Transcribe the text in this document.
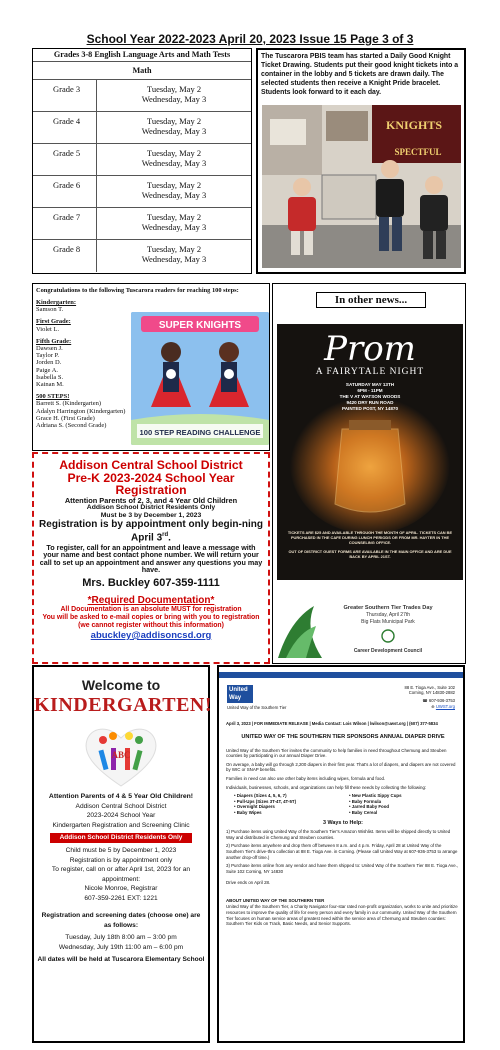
School Year 2022-2023 April 20, 2023 Issue 15 Page 3 of 3
Grades 3-8 English Language Arts and Math Tests
Math
Grade 3	Tuesday, May 2
Wednesday, May 3
Grade 4	Tuesday, May 2
Wednesday, May 3
Grade 5	Tuesday, May 2
Wednesday, May 3
Grade 6	Tuesday, May 2
Wednesday, May 3
Grade 7	Tuesday, May 2
Wednesday, May 3
Grade 8	Tuesday, May 2
Wednesday, May 3

The Tuscarora PBIS team has started a Daily Good Knight Ticket Drawing. Students put their good knight tickets into a container in the lobby and 5 tickets are drawn daily. The selected students then receive a Knight Pride bracelet. Students look forward to it each day.

KNIGHTS
SPECTFUL
Congratulations to the following Tuscarora readers for reaching 100 steps:
Kindergarten:
Samson T.
First Grade:
Violet L.
Fifth Grade:
Dawsen J.
Taylor P.
Jorden D.
Paige A.
Isabella S.
Kainan M.
500 STEPS!
Barrett S. (Kindergarten)
Adalyn Harrington (Kindergarten)
Grace H. (First Grade)
Adriana S. (Second Grade)
SUPER KNIGHTS
100 STEP READING CHALLENGE
Addison Central School District
Pre-K 2023-2024 School Year
Registration
Attention Parents of 2, 3, and 4 Year Old Children
Addison School District Residents Only
Must be 3 by December 1, 2023
Registration is by appointment only begin-ning April 3rd.
To register, call for an appointment and leave a message with your name and best contact phone number. We will return your call to set up an appointment and answer any questions you may have.
Mrs. Buckley 607-359-1111
*Required Documentation*
All Documentation is an absolute MUST for registration
You will be asked to e-mail copies or bring with you to registration (we cannot register without this information)
abuckley@addisoncsd.org
In other news...
Prom
A FAIRYTALE NIGHT
SATURDAY MAY 13TH
6PM - 11PM
THE V AT WATSON WOODS
9420 DRY RUN ROAD
PAINTED POST, NY 14870
TICKETS ARE $25 AND AVAILABLE THROUGH THE MONTH OF APRIL. TICKETS CAN BE PURCHASED IN THE CAFE DURING LUNCH PERIODS OR FROM MR. HAYTER IN THE COUNSELING OFFICE.
OUT OF DISTRICT GUEST FORMS ARE AVAILABLE IN THE MAIN OFFICE AND ARE DUE BACK BY APRIL 21ST.
Greater Southern Tier Trades Day
Thursday, April 27th
Big Flats Municipal Park
Career Development Council
Welcome to
KINDERGARTEN!
ABC
Attention Parents of 4 & 5 Year Old Children!
Addison Central School District
2023-2024 School Year
Kindergarten Registration and Screening Clinic
Addison School District Residents Only
Child must be 5 by December 1, 2023
Registration is by appointment only
To register, call on or after April 1st, 2023 for an appointment:
Nicole Monroe, Registrar
607-359-2261 EXT: 1221
Registration and screening dates (choose one) are as follows:
Tuesday, July 18th 8:00 am – 3:00 pm
Wednesday, July 19th 11:00 am – 6:00 pm
All dates will be held at Tuscarora Elementary School
United Way
United Way of the Southern Tier
88 E. Tioga Ave., Suite 102
Corning, NY 14830-2882
☎ 607-936-3753
⊕ UWST.org
April 3, 2023 | FOR IMMEDIATE RELEASE | Media Contact: Lois Wilson | lwilson@uwst.org | (607) 377-5834
UNITED WAY OF THE SOUTHERN TIER SPONSORS ANNUAL DIAPER DRIVE

United Way of the Southern Tier invites the community to help families in need throughout Chemung and Steuben counties by participating in our annual Diaper Drive.

On average, a baby will go through 2,200 diapers in their first year. That's a lot of diapers, and diapers are not covered by WIC or SNAP benefits.

Families in need can also use other baby items including wipes, formula and food.

Individuals, businesses, schools, and organizations can help fill these needs by collecting the following:

• Diapers (Sizes 4, 5, 6, 7)
• Pull-Ups (Sizes 3T-4T, 4T-5T)
• Overnight Diapers
• Baby Wipes
• New Plastic Sippy Cups
• Baby Formula
• Jarred Baby Food
• Baby Cereal
3 Ways to Help:

1) Purchase items using United Way of the Southern Tier's Amazon Wishlist. Items will be shipped directly to United Way and distributed in Chemung and Steuben counties.

2) Purchase items anywhere and drop them off between 8 a.m. and 4 p.m. Friday, April 28 at United Way of the Southern Tier's drive-thru collection at 88 E. Tioga Ave. in Corning. (Please call United Way at 607-936-3753 to arrange another drop-off time.)

3) Purchase items online from any vendor and have them shipped to: United Way of the Southern Tier 88 E. Tioga Ave., Suite 102 Corning, NY 14830

Drive ends on April 28.

ABOUT UNITED WAY OF THE SOUTHERN TIER

United Way of the Southern Tier, a Charity Navigator four-star rated non-profit organization, works to unite and prioritize resources to improve the quality of life for every person and every family in our community. United Way of the Southern Tier focuses on human service areas of greatest need within the service area of Chemung and Steuben counties: Southern Tier Kids on Track, Basic Needs, and Senior Supports.
